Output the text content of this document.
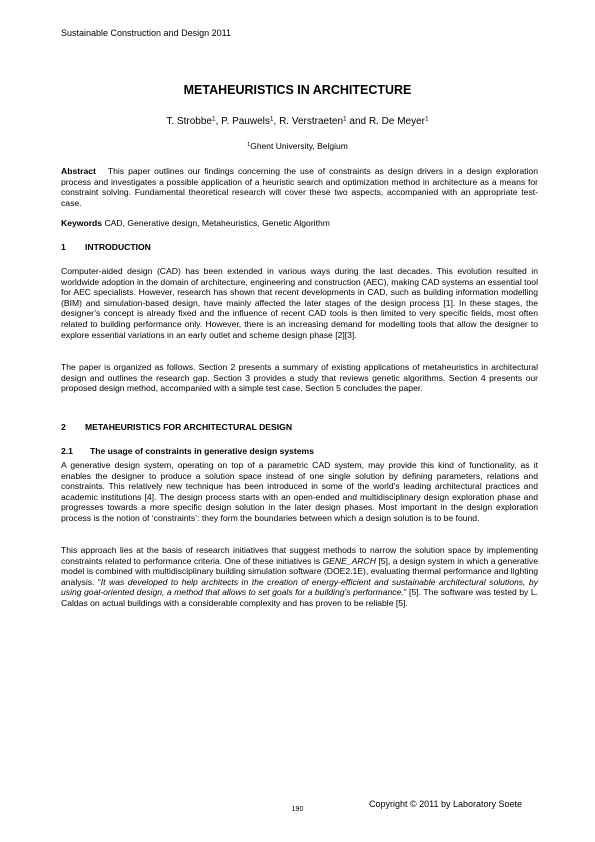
Sustainable Construction and Design 2011
METAHEURISTICS IN ARCHITECTURE
T. Strobbe$^1$, P. Pauwels$^1$, R. Verstraeten$^1$ and R. De Meyer$^1$
$^1$Ghent University, Belgium

Abstract This paper outlines our findings concerning the use of constraints as design drivers in a design exploration process and investigates a possible application of a heuristic search and optimization method in architecture as a means for constraint solving. Fundamental theoretical research will cover these two aspects, accompanied with an appropriate test-case.

Keywords CAD, Generative design, Metaheuristics, Genetic Algorithm

1 INTRODUCTION
Computer-aided design (CAD) has been extended in various ways during the last decades. This evolution resulted in worldwide adoption in the domain of architecture, engineering and construction (AEC), making CAD systems an essential tool for AEC specialists. However, research has shown that recent developments in CAD, such as building information modelling (BIM) and simulation-based design, have mainly affected the later stages of the design process [1]. In these stages, the designer’s concept is already fixed and the influence of recent CAD tools is then limited to very specific fields, most often related to building performance only. However, there is an increasing demand for modelling tools that allow the designer to explore essential variations in an early outlet and scheme design phase [2][3].
The paper is organized as follows. Section 2 presents a summary of existing applications of metaheuristics in architectural design and outlines the research gap. Section 3 provides a study that reviews genetic algorithms. Section 4 presents our proposed design method, accompanied with a simple test case. Section 5 concludes the paper.
2 METAHEURISTICS FOR ARCHITECTURAL DESIGN
2.1 The usage of constraints in generative design systems
A generative design system, operating on top of a parametric CAD system, may provide this kind of functionality, as it enables the designer to produce a solution space instead of one single solution by defining parameters, relations and constraints. This relatively new technique has been introduced in some of the world’s leading architectural practices and academic institutions [4]. The design process starts with an open-ended and multidisciplinary design exploration phase and progresses towards a more specific design solution in the later design phases. Most important in the design exploration process is the notion of ‘constraints’: they form the boundaries between which a design solution is to be found.

This approach lies at the basis of research initiatives that suggest methods to narrow the solution space by implementing constraints related to performance criteria. One of these initiatives is GENE_ARCH [5], a design system in which a generative model is combined with multidisciplinary building simulation software (DOE2.1E), evaluating thermal performance and lighting analysis. “It was developed to help architects in the creation of energy-efficient and sustainable architectural solutions, by using goal-oriented design, a method that allows to set goals for a building’s performance.” [5]. The software was tested by L. Caldas on actual buildings with a considerable complexity and has proven to be reliable [5].

190
Copyright © 2011 by Laboratory Soete
